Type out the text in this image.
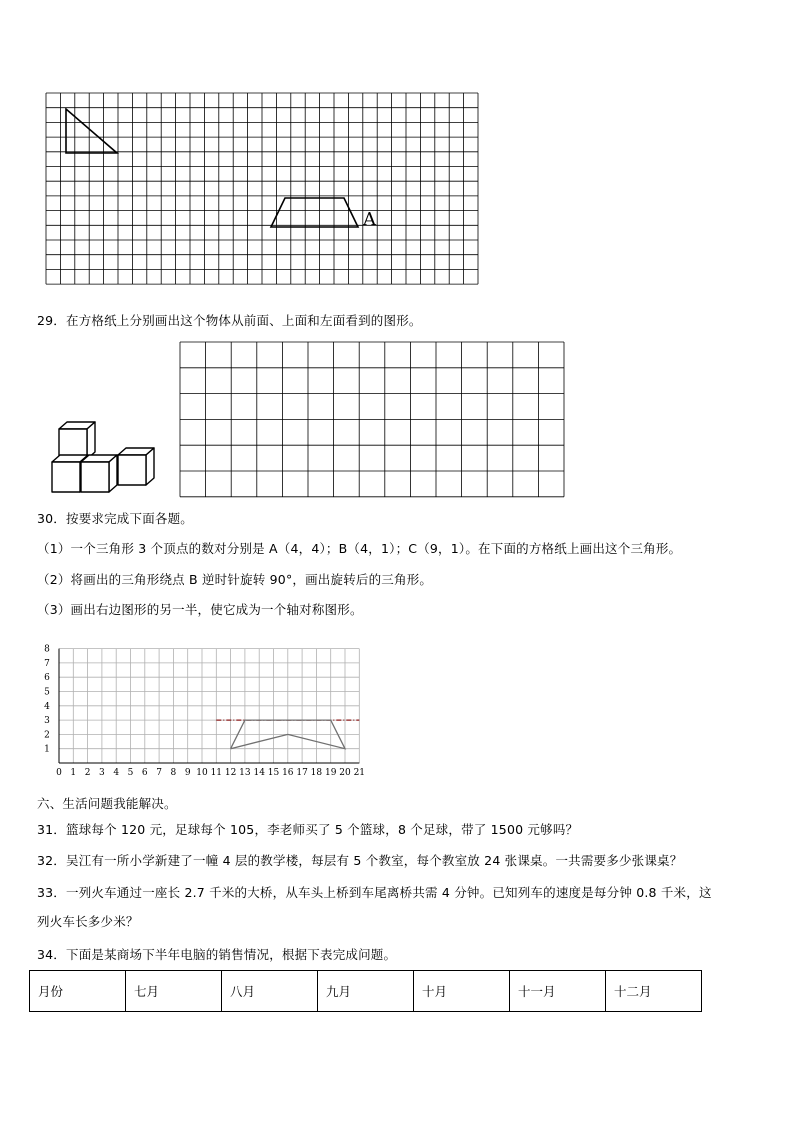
A
29．在方格纸上分别画出这个物体从前面、上面和左面看到的图形。
30．按要求完成下面各题。
（1）一个三角形 3 个顶点的数对分别是 A（4，4）；B（4，1）；C（9，1）。在下面的方格纸上画出这个三角形。
（2）将画出的三角形绕点 B 逆时针旋转 90°，画出旋转后的三角形。
（3）画出右边图形的另一半，使它成为一个轴对称图形。
0 1 2 3 4 5 6 7 8 9 10 11 12 13 14 15 16 17 18 19 20 21
1
2
3
4
5
6
7
8
六、生活问题我能解决。
31．篮球每个 120 元，足球每个 105，李老师买了 5 个篮球，8 个足球，带了 1500 元够吗？
32．吴江有一所小学新建了一幢 4 层的教学楼，每层有 5 个教室，每个教室放 24 张课桌。一共需要多少张课桌？
33．一列火车通过一座长 2.7 千米的大桥，从车头上桥到车尾离桥共需 4 分钟。已知列车的速度是每分钟 0.8 千米，这
列火车长多少米？
34．下面是某商场下半年电脑的销售情况，根据下表完成问题。
月份	七月	八月	九月	十月	十一月	十二月
